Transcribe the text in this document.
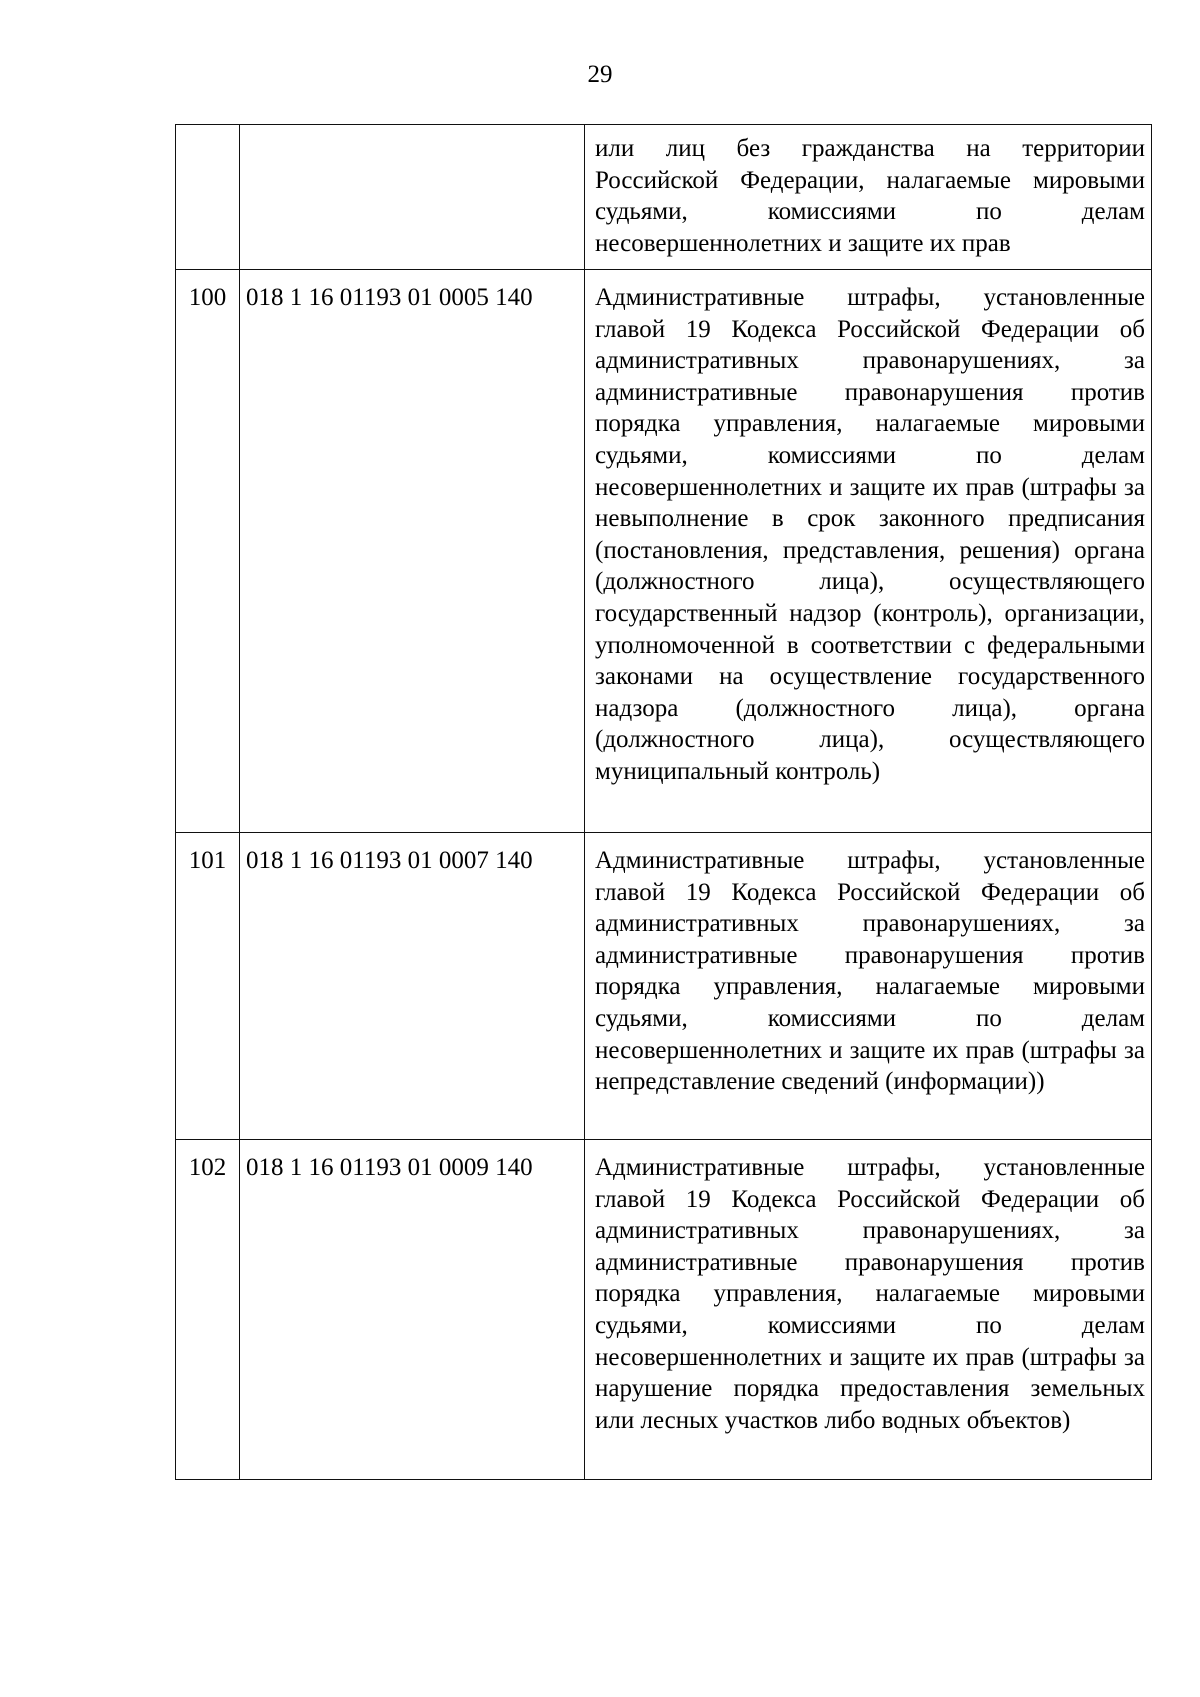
29
		или лиц без гражданства на территории Российской Федерации, налагаемые мировыми судьями, комиссиями по делам несовершеннолетних и защите их прав
100	018 1 16 01193 01 0005 140	Административные штрафы, установленные главой 19 Кодекса Российской Федерации об административных правонарушениях, за административные правонарушения против порядка управления, налагаемые мировыми судьями, комиссиями по делам несовершеннолетних и защите их прав (штрафы за невыполнение в срок законного предписания (постановления, представления, решения) органа (должностного лица), осуществляющего государственный надзор (контроль), организации, уполномоченной в соответствии с федеральными законами на осуществление государственного надзора (должностного лица), органа (должностного лица), осуществляющего муниципальный контроль)
101	018 1 16 01193 01 0007 140	Административные штрафы, установленные главой 19 Кодекса Российской Федерации об административных правонарушениях, за административные правонарушения против порядка управления, налагаемые мировыми судьями, комиссиями по делам несовершеннолетних и защите их прав (штрафы за непредставление сведений (информации))
102	018 1 16 01193 01 0009 140	Административные штрафы, установленные главой 19 Кодекса Российской Федерации об административных правонарушениях, за административные правонарушения против порядка управления, налагаемые мировыми судьями, комиссиями по делам несовершеннолетних и защите их прав (штрафы за нарушение порядка предоставления земельных или лесных участков либо водных объектов)
